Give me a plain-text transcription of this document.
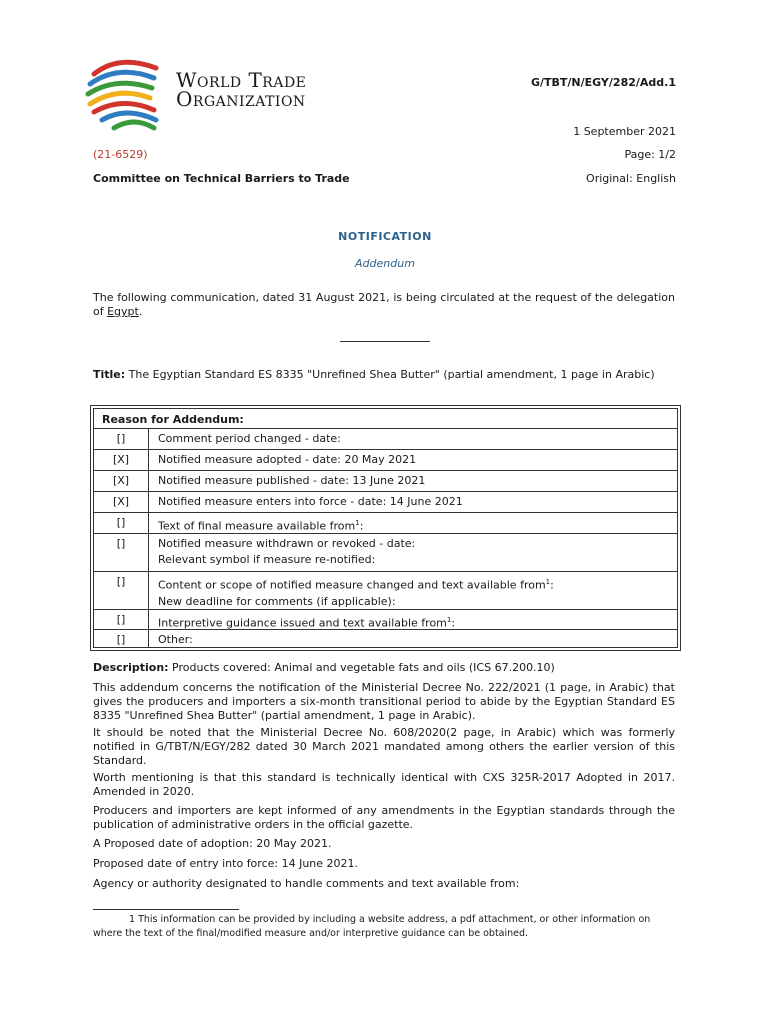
World Trade
Organization
G/TBT/N/EGY/282/Add.1
1 September 2021
(21-6529)	Page: 1/2
Committee on Technical Barriers to Trade	Original: English
NOTIFICATION
Addendum
The following communication, dated 31 August 2021, is being circulated at the request of the delegation of Egypt.
Title: The Egyptian Standard ES 8335 "Unrefined Shea Butter" (partial amendment, 1 page in Arabic)
Reason for Addendum:
[]	Comment period changed - date:
[X]	Notified measure adopted - date: 20 May 2021
[X]	Notified measure published - date: 13 June 2021
[X]	Notified measure enters into force - date: 14 June 2021
[]	Text of final measure available from$^1$:
[]	Notified measure withdrawn or revoked - date:
Relevant symbol if measure re-notified:
[]	Content or scope of notified measure changed and text available from$^1$:
New deadline for comments (if applicable):
[]	Interpretive guidance issued and text available from$^1$:
[]	Other:
Description: Products covered: Animal and vegetable fats and oils (ICS 67.200.10)
This addendum concerns the notification of the Ministerial Decree No. 222/2021 (1 page, in Arabic) that gives the producers and importers a six-month transitional period to abide by the Egyptian Standard ES 8335 "Unrefined Shea Butter" (partial amendment, 1 page in Arabic).
It should be noted that the Ministerial Decree No. 608/2020(2 page, in Arabic) which was formerly notified in G/TBT/N/EGY/282 dated 30 March 2021 mandated among others the earlier version of this Standard.
Worth mentioning is that this standard is technically identical with CXS 325R-2017 Adopted in 2017. Amended in 2020.
Producers and importers are kept informed of any amendments in the Egyptian standards through the publication of administrative orders in the official gazette.
A Proposed date of adoption: 20 May 2021.
Proposed date of entry into force: 14 June 2021.
Agency or authority designated to handle comments and text available from:
1 This information can be provided by including a website address, a pdf attachment, or other information on where the text of the final/modified measure and/or interpretive guidance can be obtained.
